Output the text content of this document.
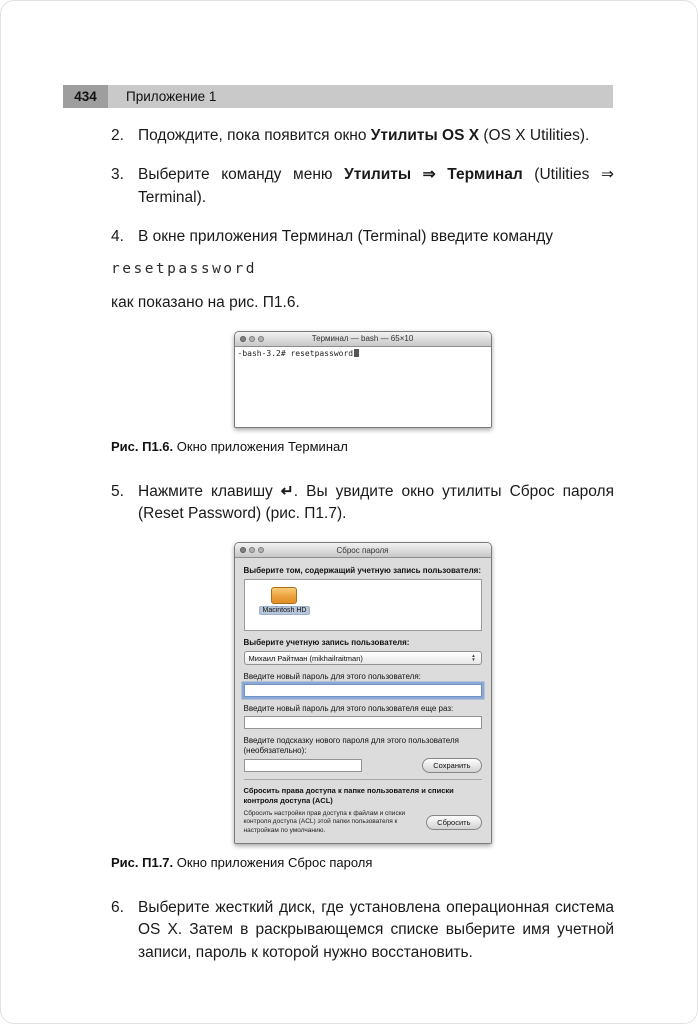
434	Приложение 1

2. Подождите, пока появится окно Утилиты OS X (OS X Utilities).

3. Выберите команду меню Утилиты ⇒ Терминал (Utilities ⇒ Terminal).

4. В окне приложения Терминал (Terminal) введите команду

resetpassword

как показано на рис. П1.6.

Терминал — bash — 65×10
-bash-3.2# resetpassword

Рис. П1.6. Окно приложения Терминал

5. Нажмите клавишу ↵. Вы увидите окно утилиты Сброс пароля (Reset Password) (рис. П1.7).

Сброс пароля
Выберите том, содержащий учетную запись пользователя:
Macintosh HD
Выберите учетную запись пользователя:
Михаил Райтман (mikhailraitman)	▲
▼
Введите новый пароль для этого пользователя:
Введите новый пароль для этого пользователя еще раз:
Введите подсказку нового пароля для этого пользователя (необязательно):
Сохранить
Сбросить права доступа к папке пользователя и списки контроля доступа (ACL)
Сбросить настройки прав доступа к файлам и списки контроля доступа (ACL) этой папки пользователя к настройкам по умолчанию.
Сбросить

Рис. П1.7. Окно приложения Сброс пароля

6. Выберите жесткий диск, где установлена операционная система OS X. Затем в раскрывающемся списке выберите имя учетной записи, пароль к которой нужно восстановить.
